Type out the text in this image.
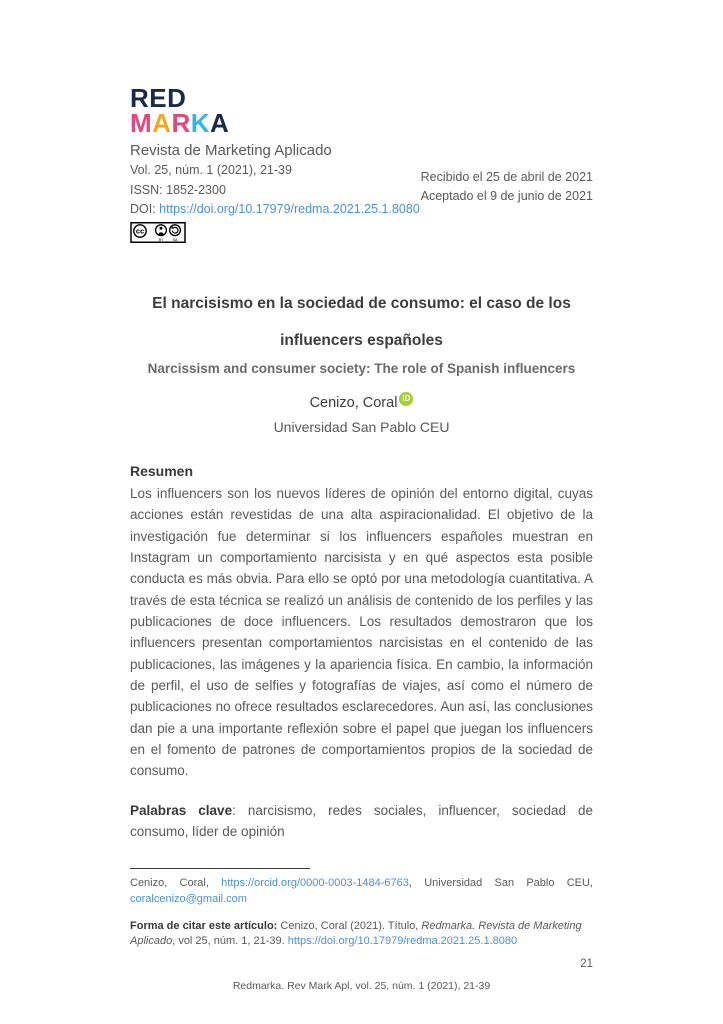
RED
MARKA
Revista de Marketing Aplicado
Vol. 25, núm. 1 (2021), 21-39
ISSN: 1852-2300
DOI: https://doi.org/10.17979/redma.2021.25.1.8080
cc
BY	SA
Recibido el 25 de abril de 2021
Aceptado el 9 de junio de 2021
El narcisismo en la sociedad de consumo: el caso de los influencers españoles
Narcissism and consumer society: The role of Spanish influencers
Cenizo, Coral iD
Universidad San Pablo CEU
Resumen

Los influencers son los nuevos líderes de opinión del entorno digital, cuyas acciones están revestidas de una alta aspiracionalidad. El objetivo de la investigación fue determinar si los influencers españoles muestran en Instagram un comportamiento narcisista y en qué aspectos esta posible conducta es más obvia. Para ello se optó por una metodología cuantitativa. A través de esta técnica se realizó un análisis de contenido de los perfiles y las publicaciones de doce influencers. Los resultados demostraron que los influencers presentan comportamientos narcisistas en el contenido de las publicaciones, las imágenes y la apariencia física. En cambio, la información de perfil, el uso de selfies y fotografías de viajes, así como el número de publicaciones no ofrece resultados esclarecedores. Aun así, las conclusiones dan pie a una importante reflexión sobre el papel que juegan los influencers en el fomento de patrones de comportamientos propios de la sociedad de consumo.

Palabras clave: narcisismo, redes sociales, influencer, sociedad de consumo, líder de opinión

Cenizo, Coral, https://orcid.org/0000-0003-1484-6763, Universidad San Pablo CEU, coralcenizo@gmail.com

Forma de citar este artículo: Cenizo, Coral (2021). Título, Redmarka. Revista de Marketing Aplicado, vol 25, núm. 1, 21-39. https://doi.org/10.17979/redma.2021.25.1.8080

21
Redmarka. Rev Mark Apl, vol. 25, núm. 1 (2021), 21-39
